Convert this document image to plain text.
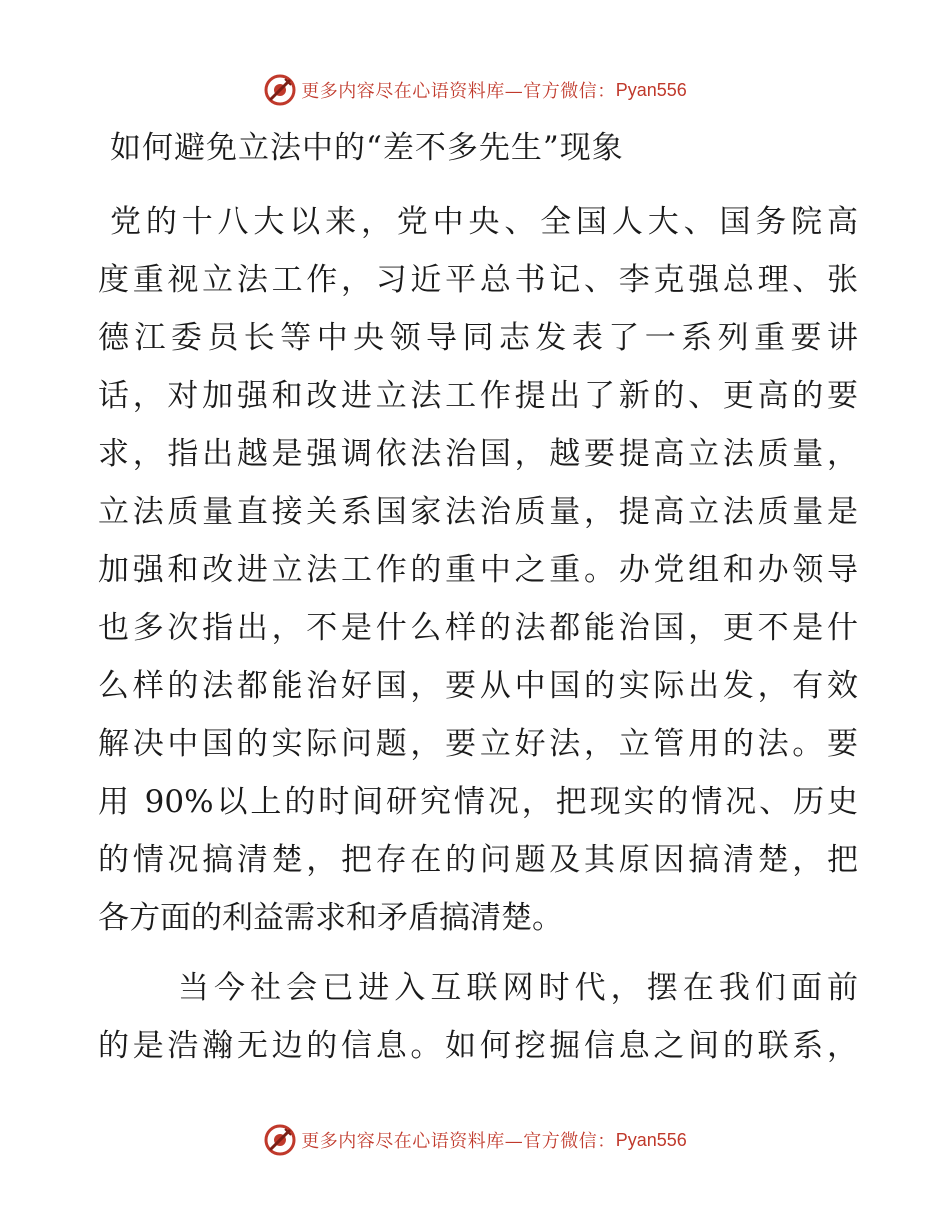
更多内容尽在心语资料库—官方微信： Pyan556
如何避免立法中的“差不多先生”现象
党的十八大以来，党中央、全国人大、国务院高
度重视立法工作，习近平总书记、李克强总理、张
德江委员长等中央领导同志发表了一系列重要讲
话，对加强和改进立法工作提出了新的、更高的要
求，指出越是强调依法治国，越要提高立法质量，
立法质量直接关系国家法治质量，提高立法质量是
加强和改进立法工作的重中之重。办党组和办领导
也多次指出，不是什么样的法都能治国，更不是什
么样的法都能治好国，要从中国的实际出发，有效
解决中国的实际问题，要立好法，立管用的法。要
用 90%以上的时间研究情况，把现实的情况、历史
的情况搞清楚，把存在的问题及其原因搞清楚，把
各方面的利益需求和矛盾搞清楚。
当今社会已进入互联网时代，摆在我们面前
的是浩瀚无边的信息。如何挖掘信息之间的联系，
更多内容尽在心语资料库—官方微信： Pyan556
